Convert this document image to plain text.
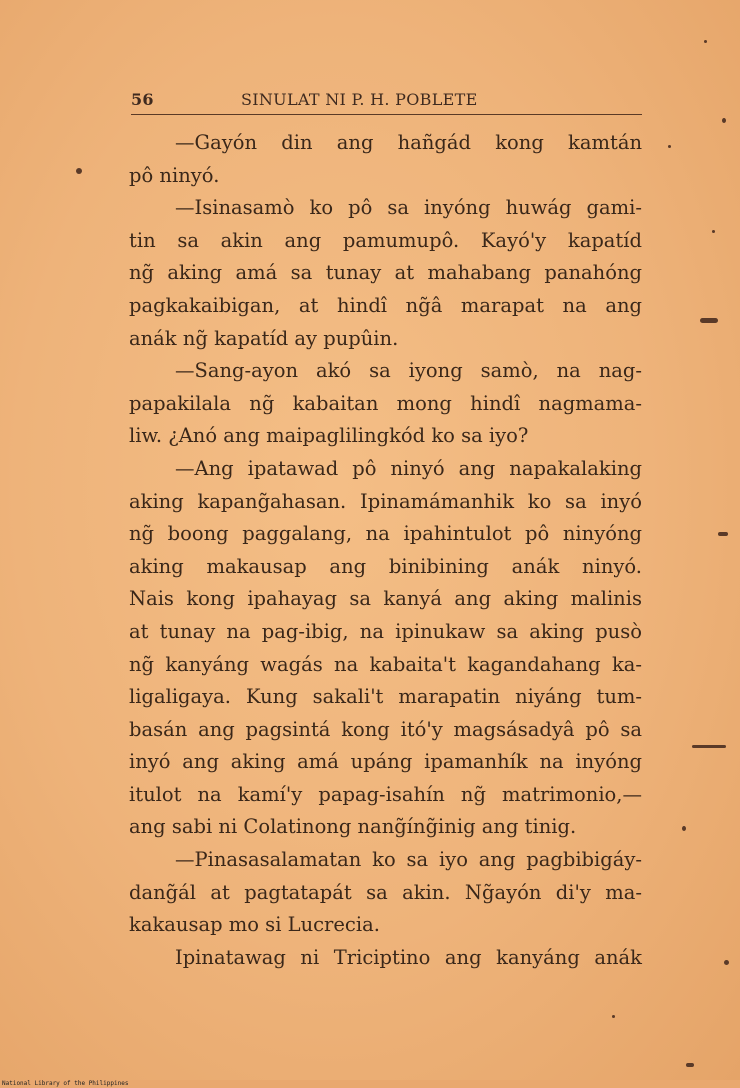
56	SINULAT NI P. H. POBLETE
—Gayón din ang hañgád kong kamtán
pô ninyó.
—Isinasamò ko pô sa inyóng huwág gami-
tin sa akin ang pamumupô. Kayó'y kapatíd
ng̃ aking amá sa tunay at mahabang panahóng
pagkakaibigan, at hindî ng̃â marapat na ang
anák ng̃ kapatíd ay pupûin.
—Sang-ayon akó sa iyong samò, na nag-
papakilala ng̃ kabaitan mong hindî nagmama-
liw. ¿Anó ang maipaglilingkód ko sa iyo?
—Ang ipatawad pô ninyó ang napakalaking
aking kapang̃ahasan. Ipinamámanhik ko sa inyó
ng̃ boong paggalang, na ipahintulot pô ninyóng
aking makausap ang binibining anák ninyó.
Nais kong ipahayag sa kanyá ang aking malinis
at tunay na pag-ibig, na ipinukaw sa aking pusò
ng̃ kanyáng wagás na kabaita't kagandahang ka-
ligaligaya. Kung sakali't marapatin niyáng tum-
basán ang pagsintá kong itó'y magsásadyâ pô sa
inyó ang aking amá upáng ipamanhík na inyóng
itulot na kamí'y papag-isahín ng̃ matrimonio,—
ang sabi ni Colatinong nang̃íng̃inig ang tinig.
—Pinasasalamatan ko sa iyo ang pagbibigáy-
dang̃ál at pagtatapát sa akin. Ng̃ayón di'y ma-
kakausap mo si Lucrecia.
Ipinatawag ni Triciptino ang kanyáng anák
National Library of the Philippines
